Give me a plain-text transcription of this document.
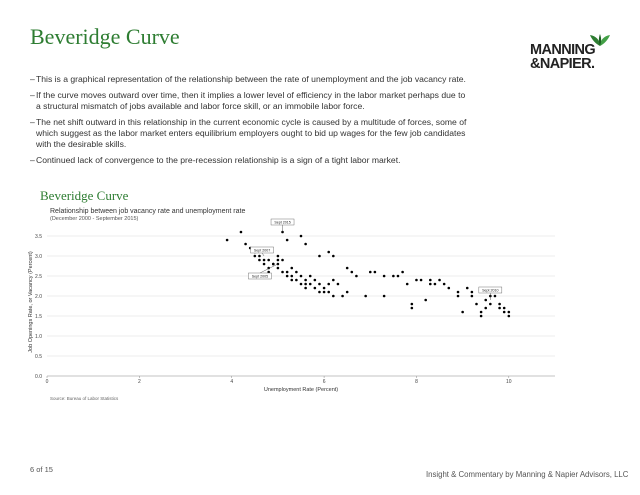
Beveridge Curve
MANNING
&NAPIER.
– This is a graphical representation of the relationship between the rate of unemployment and the job vacancy rate.
– If the curve moves outward over time, then it implies a lower level of efficiency in the labor market perhaps due to a structural mismatch of jobs available and labor force skill, or an immobile labor force.
– The net shift outward in this relationship in the current economic cycle is caused by a multitude of forces, some of which suggest as the labor market enters equilibrium employers ought to bid up wages for the few job candidates with the desirable skills.
– Continued lack of convergence to the pre-recession relationship is a sign of a tight labor market.
Beveridge Curve
Relationship between job vacancy rate and unemployment rate
(December 2000 - September 2015)
0.0
0.5
1.0
1.5
2.0
2.5
3.0
3.5
0	2	4	6	8	10
Unemployment Rate (Percent)
Job Openings Rate, or Vacancy (Percent)
Sept 2015
Sept 2007
Sept 2005
Sept 2010
Source: Bureau of Labor Statistics
6 of 15
Insight & Commentary by Manning & Napier Advisors, LLC
